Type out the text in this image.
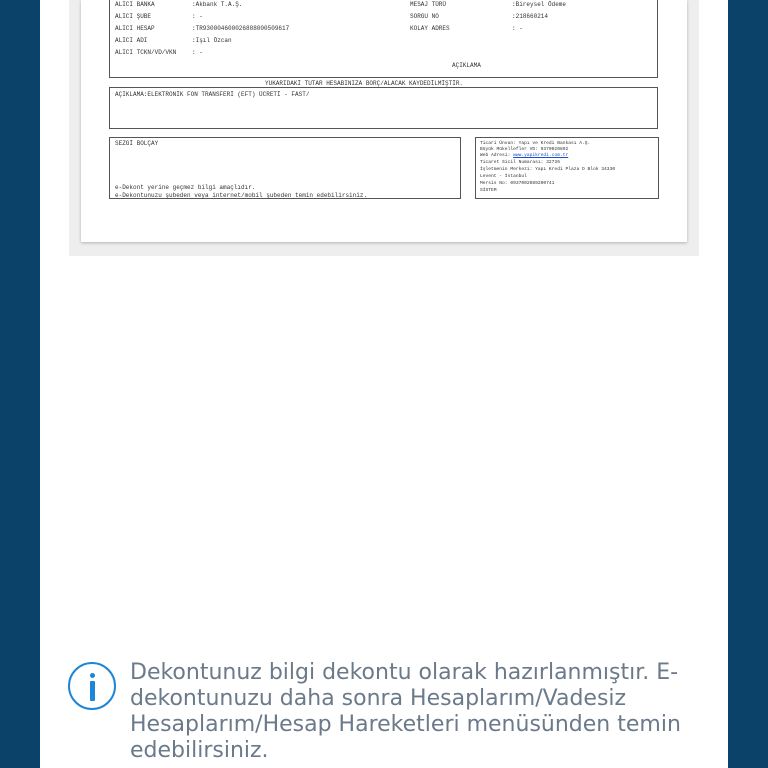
ALICI BANKA	:Akbank T.A.Ş.
ALICI ŞUBE	: -
ALICI HESAP	:TR930004600026888000509617
ALICI ADI	:Işıl Özcan
ALICI TCKN/VD/VKN	: -
MESAJ TÜRÜ	:Bireysel Ödeme
SORGU NO	:218660214
KOLAY ADRES	: -
AÇIKLAMA
YUKARIDAKİ TUTAR HESABINIZA BORÇ/ALACAK KAYDEDİLMİŞTİR.
AÇIKLAMA:ELEKTRONİK FON TRANSFERİ (EFT) ÜCRETİ - FAST/
SEZGİ BOLÇAY
e-Dekont yerine geçmez bilgi amaçlıdır.
e-Dekontunuzu şubeden veya internet/mobil şubeden temin edebilirsiniz.
Ticari Ünvan: Yapı ve Kredi Bankası A.Ş.
Büyük Mükellefler VD: 9370020892
Web Adresi: www.yapikredi.com.tr
Ticaret Sicil Numarası: 32736
İşletmenin Merkezi: Yapı Kredi Plaza D Blok 34330
Levent - İstanbul
Mersis No: 0937002089200741
SİSTEM
Dekontunuz bilgi dekontu olarak hazırlanmıştır. E-dekontunuzu daha sonra Hesaplarım/Vadesiz Hesaplarım/Hesap Hareketleri menüsünden temin edebilirsiniz.
